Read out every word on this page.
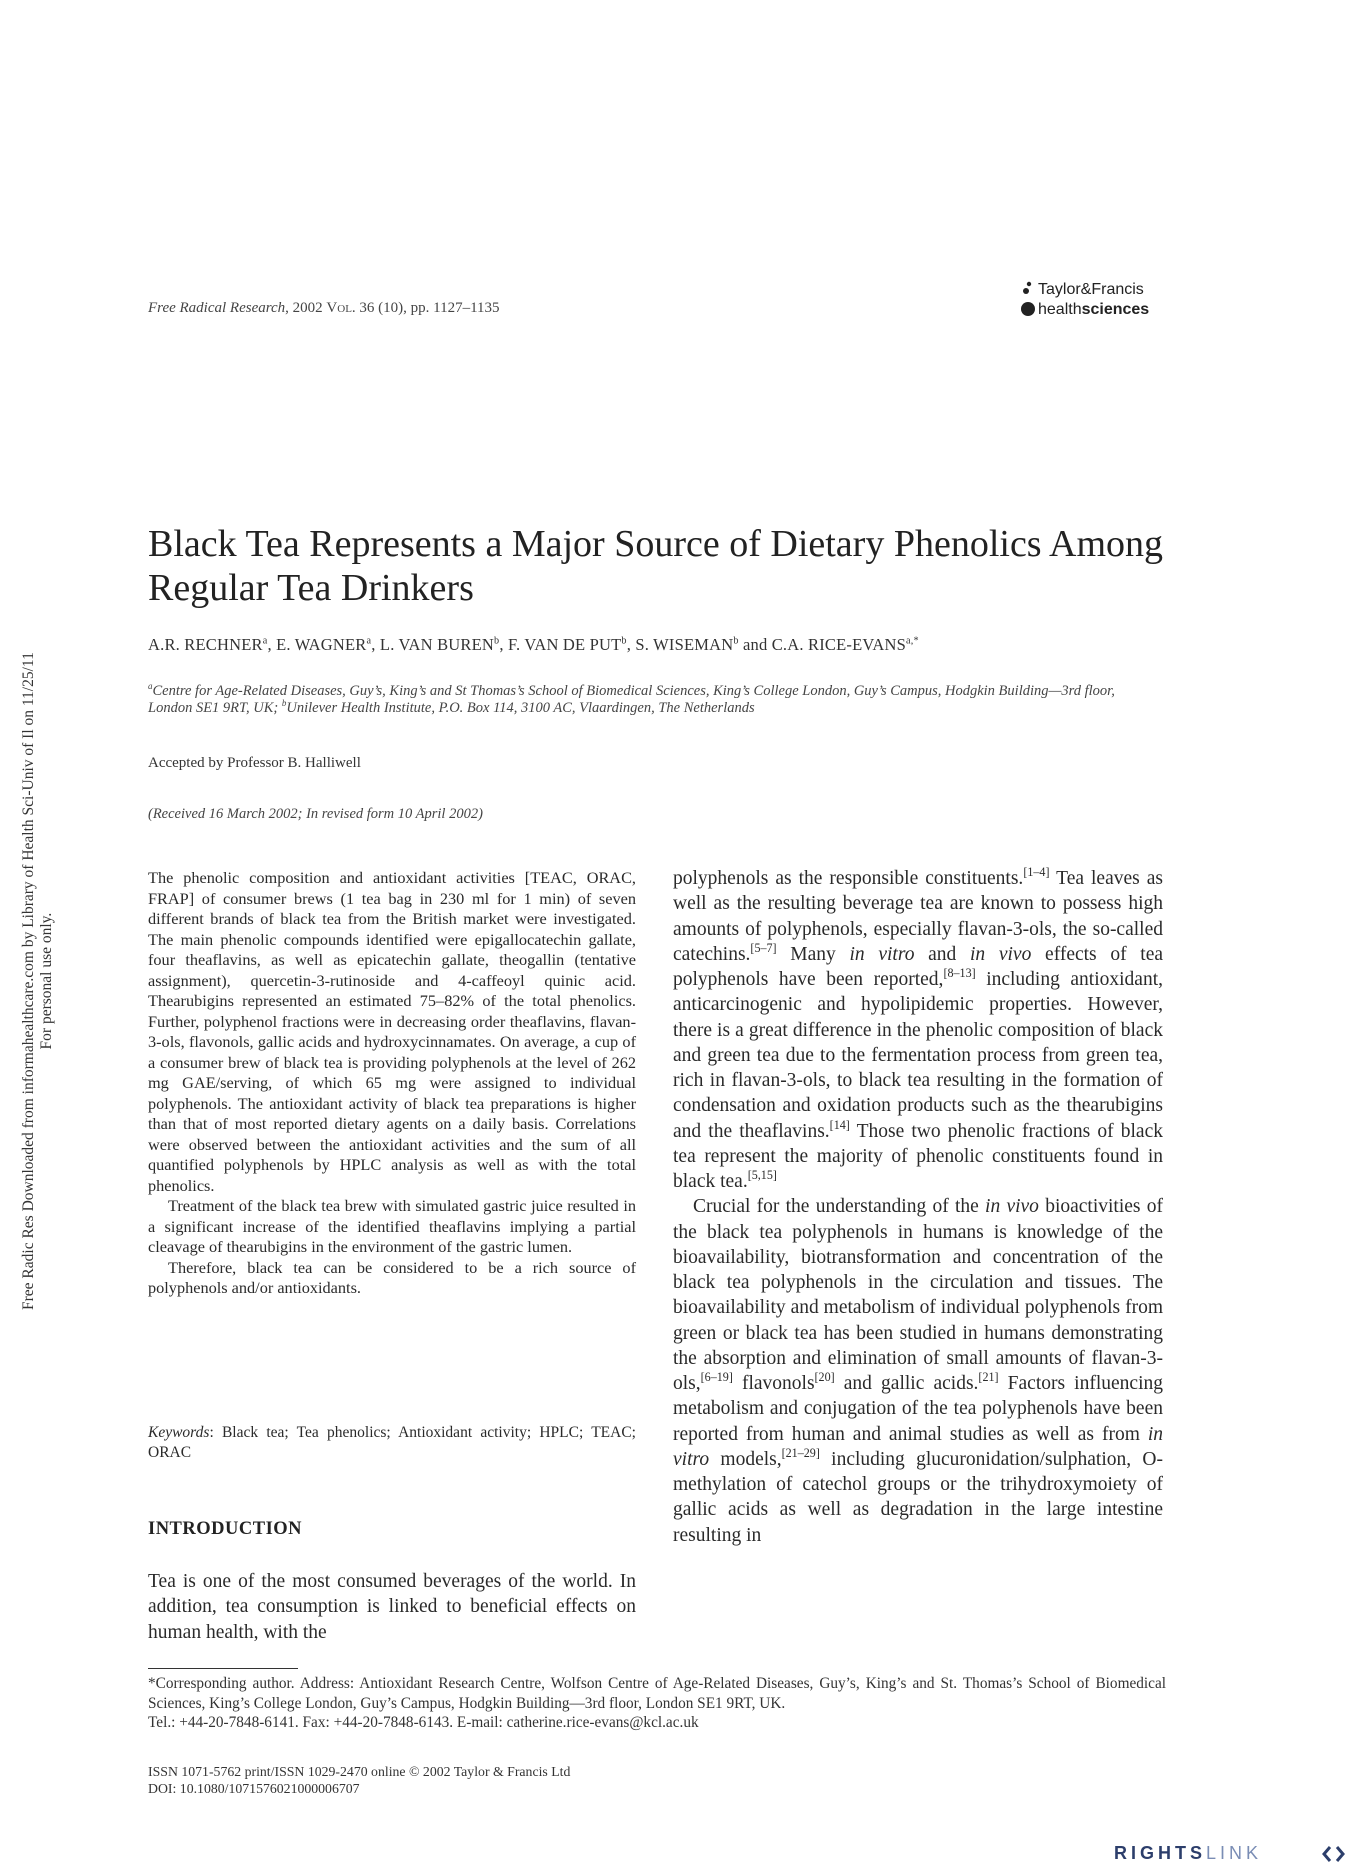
Free Radic Res Downloaded from informahealthcare.com by Library of Health Sci-Univ of Il on 11/25/11 For personal use only.
Free Radical Research, 2002 Vol. 36 (10), pp. 1127–1135
Taylor&Francis
healthsciences
Black Tea Represents a Major Source of Dietary Phenolics Among Regular Tea Drinkers
A.R. RECHNER$^a$, E. WAGNER$^a$, L. VAN BUREN$^b$, F. VAN DE PUT$^b$, S. WISEMAN$^b$ and C.A. RICE-$EVANS^{a,*}$
$^a$Centre for Age-Related Diseases, Guy’s, King’s and St Thomas’s School of Biomedical Sciences, King’s College London, Guy’s Campus, Hodgkin Building—3rd floor, London SE1 9RT, UK; $^b$Unilever Health Institute, P.O. Box 114, 3100 AC, Vlaardingen, The Netherlands
Accepted by Professor B. Halliwell
(Received 16 March 2002; In revised form 10 April 2002)

The phenolic composition and antioxidant activities [TEAC, ORAC, FRAP] of consumer brews (1 tea bag in 230 ml for 1 min) of seven different brands of black tea from the British market were investigated. The main phenolic compounds identified were epigallocatechin gallate, four theaflavins, as well as epicatechin gallate, theogallin (tentative assignment), quercetin-3-rutinoside and 4-caffeoyl quinic acid. Thearubigins represented an estimated 75–82% of the total phenolics. Further, polyphenol fractions were in decreasing order theaflavins, flavan-3-ols, flavonols, gallic acids and hydroxycinnamates. On average, a cup of a consumer brew of black tea is providing polyphenols at the level of 262 mg GAE/serving, of which 65 mg were assigned to individual polyphenols. The antioxidant activity of black tea preparations is higher than that of most reported dietary agents on a daily basis. Correlations were observed between the antioxidant activities and the sum of all quantified polyphenols by HPLC analysis as well as with the total phenolics.

Treatment of the black tea brew with simulated gastric juice resulted in a significant increase of the identified theaflavins implying a partial cleavage of thearubigins in the environment of the gastric lumen.

Therefore, black tea can be considered to be a rich source of polyphenols and/or antioxidants.

Keywords: Black tea; Tea phenolics; Antioxidant activity; HPLC; TEAC; ORAC
INTRODUCTION
Tea is one of the most consumed beverages of the world. In addition, tea consumption is linked to beneficial effects on human health, with the

polyphenols as the responsible constituents.[1–4] Tea leaves as well as the resulting beverage tea are known to possess high amounts of polyphenols, especially flavan-3-ols, the so-called catechins.[5–7] Many in vitro and in vivo effects of tea polyphenols have been reported,[8–13] including antioxidant, anticarcinogenic and hypolipidemic properties. However, there is a great difference in the phenolic composition of black and green tea due to the fermentation process from green tea, rich in flavan-3-ols, to black tea resulting in the formation of condensation and oxidation products such as the thearubigins and the theaflavins.[14] Those two phenolic fractions of black tea represent the majority of phenolic constituents found in black tea.[5,15]

Crucial for the understanding of the in vivo bioactivities of the black tea polyphenols in humans is knowledge of the bioavailability, biotransformation and concentration of the black tea polyphenols in the circulation and tissues. The bioavailability and metabolism of individual polyphenols from green or black tea has been studied in humans demonstrating the absorption and elimination of small amounts of flavan-3-ols,[6–19] flavonols[20] and gallic acids.[21] Factors influencing metabolism and conjugation of the tea polyphenols have been reported from human and animal studies as well as from in vitro models,[21–29] including glucuronidation/sulphation, O-methylation of catechol groups or the trihydroxymoiety of gallic acids as well as degradation in the large intestine resulting in

*Corresponding author. Address: Antioxidant Research Centre, Wolfson Centre of Age-Related Diseases, Guy’s, King’s and St. Thomas’s School of Biomedical Sciences, King’s College London, Guy’s Campus, Hodgkin Building—3rd floor, London SE1 9RT, UK.
Tel.: +44-20-7848-6141. Fax: +44-20-7848-6143. E-mail: catherine.rice-evans@kcl.ac.uk
ISSN 1071-5762 print/ISSN 1029-2470 online © 2002 Taylor & Francis Ltd
DOI: 10.1080/1071576021000006707
RIGHTSLINK
